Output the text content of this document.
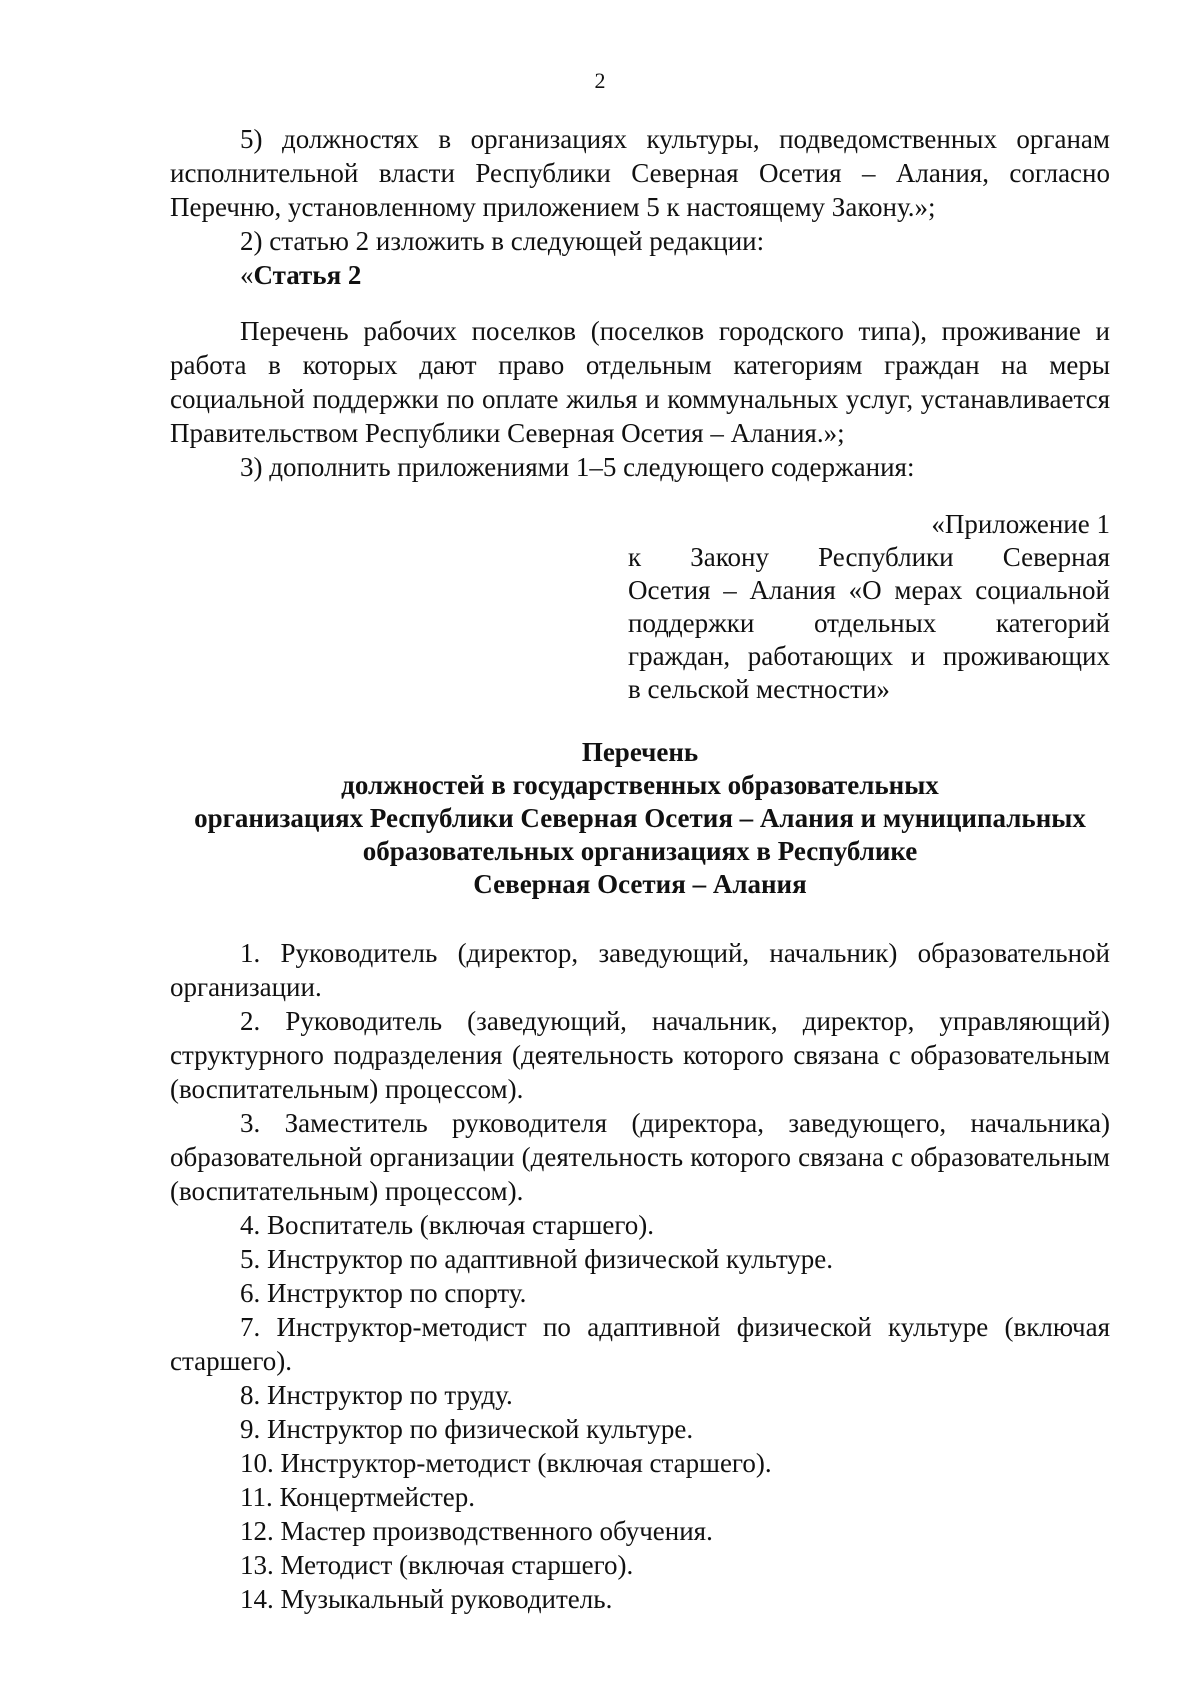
2

5) должностях в организациях культуры, подведомственных органам исполнительной власти Республики Северная Осетия – Алания, согласно Перечню, установленному приложением 5 к настоящему Закону.»;

2) статью 2 изложить в следующей редакции:

«Статья 2

Перечень рабочих поселков (поселков городского типа), проживание и работа в которых дают право отдельным категориям граждан на меры социальной поддержки по оплате жилья и коммунальных услуг, устанавливается Правительством Республики Северная Осетия – Алания.»;

3) дополнить приложениями 1–5 следующего содержания:

«Приложение 1

к Закону Республики Северная

Осетия – Алания «О мерах социальной

поддержки отдельных категорий

граждан, работающих и проживающих

в сельской местности»

Перечень
должностей в государственных образовательных
организациях Республики Северная Осетия – Алания и муниципальных
образовательных организациях в Республике
Северная Осетия – Алания

1. Руководитель (директор, заведующий, начальник) образовательной организации.

2. Руководитель (заведующий, начальник, директор, управляющий) структурного подразделения (деятельность которого связана с образовательным (воспитательным) процессом).

3. Заместитель руководителя (директора, заведующего, начальника) образовательной организации (деятельность которого связана с образовательным (воспитательным) процессом).

4. Воспитатель (включая старшего).

5. Инструктор по адаптивной физической культуре.

6. Инструктор по спорту.

7. Инструктор-методист по адаптивной физической культуре (включая старшего).

8. Инструктор по труду.

9. Инструктор по физической культуре.

10. Инструктор-методист (включая старшего).

11. Концертмейстер.

12. Мастер производственного обучения.

13. Методист (включая старшего).

14. Музыкальный руководитель.
